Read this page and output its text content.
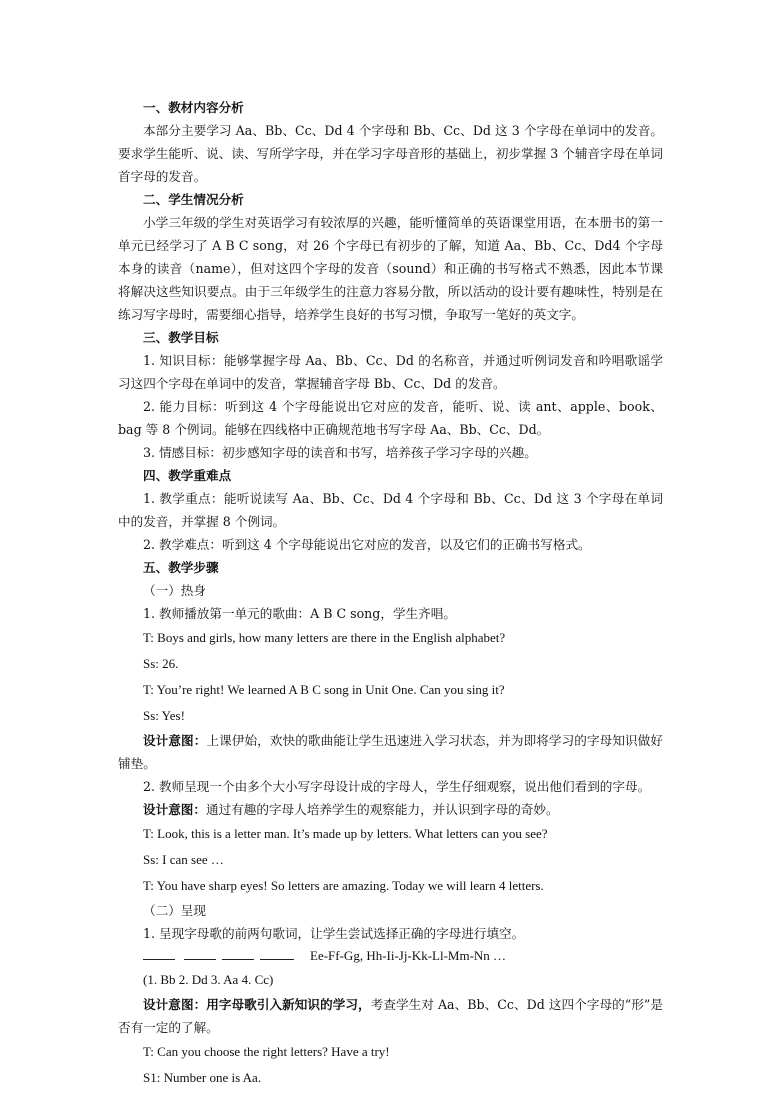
一、教材内容分析

本部分主要学习 Aa、Bb、Cc、Dd 4 个字母和 Bb、Cc、Dd 这 3 个字母在单词中的发音。要求学生能听、说、读、写所学字母，并在学习字母音形的基础上，初步掌握 3 个辅音字母在单词首字母的发音。

二、学生情况分析

小学三年级的学生对英语学习有较浓厚的兴趣，能听懂简单的英语课堂用语，在本册书的第一单元已经学习了 A B C song，对 26 个字母已有初步的了解，知道 Aa、Bb、Cc、Dd4 个字母本身的读音（name），但对这四个字母的发音（sound）和正确的书写格式不熟悉，因此本节课将解决这些知识要点。由于三年级学生的注意力容易分散，所以活动的设计要有趣味性，特别是在练习写字母时，需要细心指导，培养学生良好的书写习惯，争取写一笔好的英文字。

三、教学目标

1. 知识目标：能够掌握字母 Aa、Bb、Cc、Dd 的名称音，并通过听例词发音和吟唱歌谣学习这四个字母在单词中的发音，掌握辅音字母 Bb、Cc、Dd 的发音。

2. 能力目标：听到这 4 个字母能说出它对应的发音，能听、说、读 ant、apple、book、bag 等 8 个例词。能够在四线格中正确规范地书写字母 Aa、Bb、Cc、Dd。

3. 情感目标：初步感知字母的读音和书写，培养孩子学习字母的兴趣。

四、教学重难点

1. 教学重点：能听说读写 Aa、Bb、Cc、Dd 4 个字母和 Bb、Cc、Dd 这 3 个字母在单词中的发音，并掌握 8 个例词。

2. 教学难点：听到这 4 个字母能说出它对应的发音，以及它们的正确书写格式。

五、教学步骤

（一）热身

1. 教师播放第一单元的歌曲：A B C song，学生齐唱。

T: Boys and girls, how many letters are there in the English alphabet?

Ss: 26.

T: You’re right! We learned A B C song in Unit One. Can you sing it?

Ss: Yes!

设计意图：上课伊始，欢快的歌曲能让学生迅速进入学习状态，并为即将学习的字母知识做好铺垫。

2. 教师呈现一个由多个大小写字母设计成的字母人，学生仔细观察，说出他们看到的字母。

设计意图：通过有趣的字母人培养学生的观察能力，并认识到字母的奇妙。

T: Look, this is a letter man. It’s made up by letters. What letters can you see?

Ss: I can see …

T: You have sharp eyes! So letters are amazing. Today we will learn 4 letters.

（二）呈现

1. 呈现字母歌的前两句歌词，让学生尝试选择正确的字母进行填空。

Ee-Ff-Gg, Hh-Ii-Jj-Kk-Ll-Mm-Nn …

(1. Bb 2. Dd 3. Aa 4. Cc)

设计意图：用字母歌引入新知识的学习，考查学生对 Aa、Bb、Cc、Dd 这四个字母的“形”是否有一定的了解。

T: Can you choose the right letters? Have a try!

S1: Number one is Aa.
